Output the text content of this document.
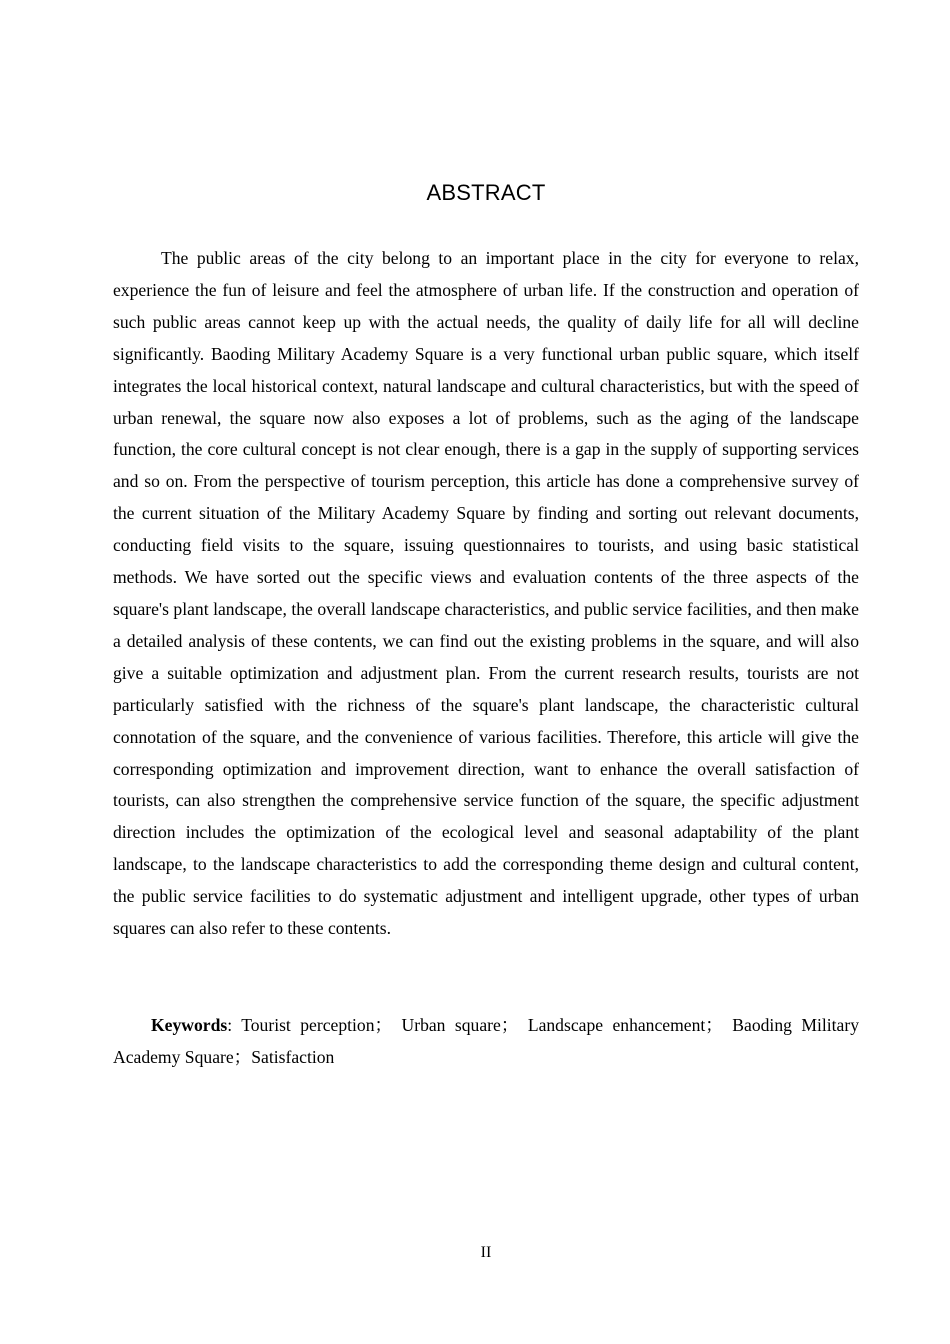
ABSTRACT

The public areas of the city belong to an important place in the city for everyone to relax, experience the fun of leisure and feel the atmosphere of urban life. If the construction and operation of such public areas cannot keep up with the actual needs, the quality of daily life for all will decline significantly. Baoding Military Academy Square is a very functional urban public square, which itself integrates the local historical context, natural landscape and cultural characteristics, but with the speed of urban renewal, the square now also exposes a lot of problems, such as the aging of the landscape function, the core cultural concept is not clear enough, there is a gap in the supply of supporting services and so on. From the perspective of tourism perception, this article has done a comprehensive survey of the current situation of the Military Academy Square by finding and sorting out relevant documents, conducting field visits to the square, issuing questionnaires to tourists, and using basic statistical methods. We have sorted out the specific views and evaluation contents of the three aspects of the square's plant landscape, the overall landscape characteristics, and public service facilities, and then make a detailed analysis of these contents, we can find out the existing problems in the square, and will also give a suitable optimization and adjustment plan. From the current research results, tourists are not particularly satisfied with the richness of the square's plant landscape, the characteristic cultural connotation of the square, and the convenience of various facilities. Therefore, this article will give the corresponding optimization and improvement direction, want to enhance the overall satisfaction of tourists, can also strengthen the comprehensive service function of the square, the specific adjustment direction includes the optimization of the ecological level and seasonal adaptability of the plant landscape, to the landscape characteristics to add the corresponding theme design and cultural content, the public service facilities to do systematic adjustment and intelligent upgrade, other types of urban squares can also refer to these contents.

Keywords: Tourist perception； Urban square； Landscape enhancement； Baoding Military Academy Square；Satisfaction

II
